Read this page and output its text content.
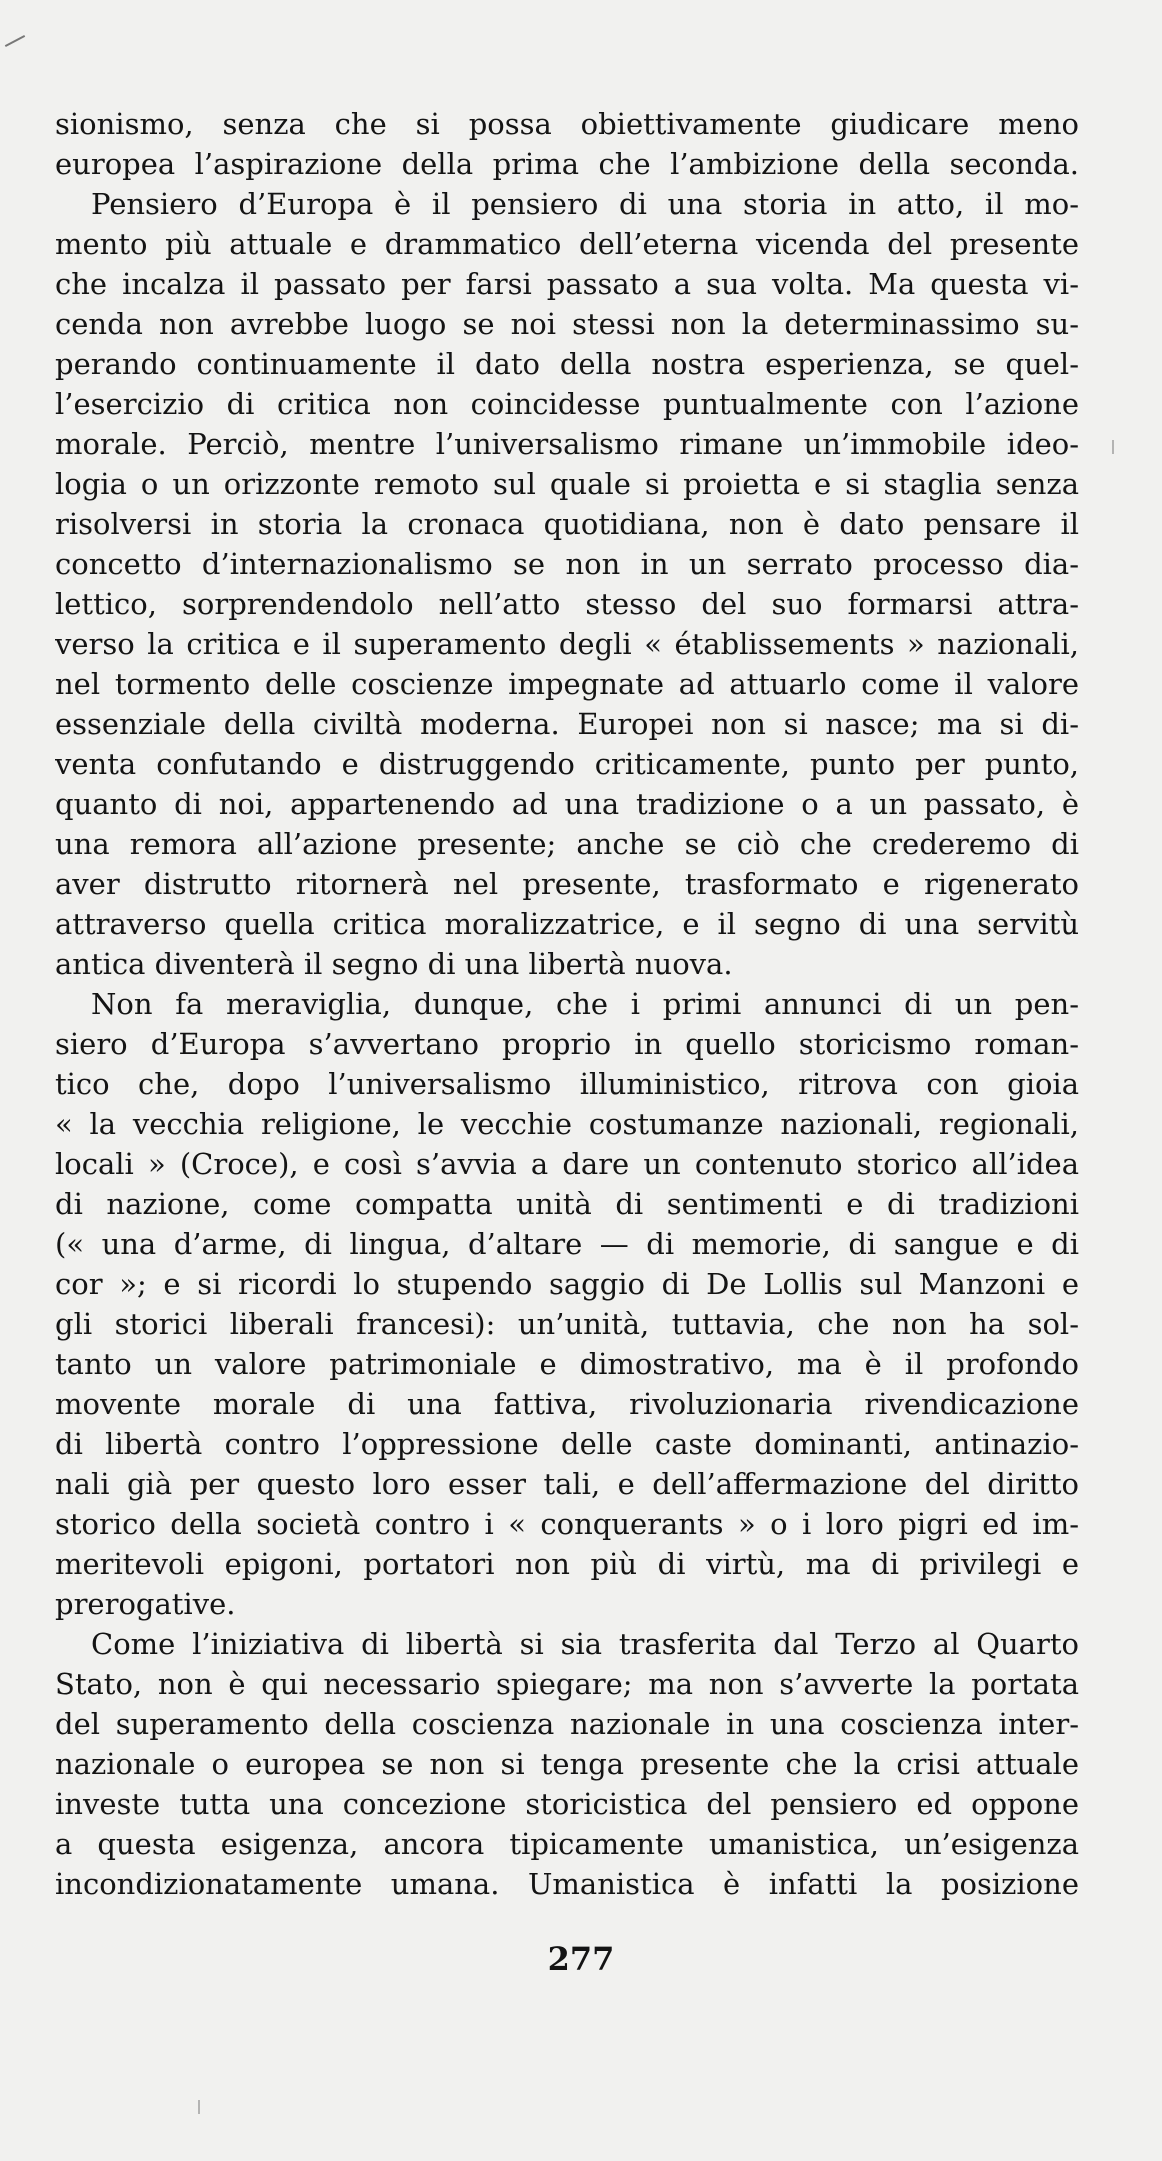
sionismo, senza che si possa obiettivamente giudicare meno
europea l’aspirazione della prima che l’ambizione della seconda.
Pensiero d’Europa è il pensiero di una storia in atto, il mo-
mento più attuale e drammatico dell’eterna vicenda del presente
che incalza il passato per farsi passato a sua volta. Ma questa vi-
cenda non avrebbe luogo se noi stessi non la determinassimo su-
perando continuamente il dato della nostra esperienza, se quel-
l’esercizio di critica non coincidesse puntualmente con l’azione
morale. Perciò, mentre l’universalismo rimane un’immobile ideo-
logia o un orizzonte remoto sul quale si proietta e si staglia senza
risolversi in storia la cronaca quotidiana, non è dato pensare il
concetto d’internazionalismo se non in un serrato processo dia-
lettico, sorprendendolo nell’atto stesso del suo formarsi attra-
verso la critica e il superamento degli « établissements » nazionali,
nel tormento delle coscienze impegnate ad attuarlo come il valore
essenziale della civiltà moderna. Europei non si nasce; ma si di-
venta confutando e distruggendo criticamente, punto per punto,
quanto di noi, appartenendo ad una tradizione o a un passato, è
una remora all’azione presente; anche se ciò che crederemo di
aver distrutto ritornerà nel presente, trasformato e rigenerato
attraverso quella critica moralizzatrice, e il segno di una servitù
antica diventerà il segno di una libertà nuova.
Non fa meraviglia, dunque, che i primi annunci di un pen-
siero d’Europa s’avvertano proprio in quello storicismo roman-
tico che, dopo l’universalismo illuministico, ritrova con gioia
« la vecchia religione, le vecchie costumanze nazionali, regionali,
locali » (Croce), e così s’avvia a dare un contenuto storico all’idea
di nazione, come compatta unità di sentimenti e di tradizioni
(« una d’arme, di lingua, d’altare — di memorie, di sangue e di
cor »; e si ricordi lo stupendo saggio di De Lollis sul Manzoni e
gli storici liberali francesi): un’unità, tuttavia, che non ha sol-
tanto un valore patrimoniale e dimostrativo, ma è il profondo
movente morale di una fattiva, rivoluzionaria rivendicazione
di libertà contro l’oppressione delle caste dominanti, antinazio-
nali già per questo loro esser tali, e dell’affermazione del diritto
storico della società contro i « conquerants » o i loro pigri ed im-
meritevoli epigoni, portatori non più di virtù, ma di privilegi e
prerogative.
Come l’iniziativa di libertà si sia trasferita dal Terzo al Quarto
Stato, non è qui necessario spiegare; ma non s’avverte la portata
del superamento della coscienza nazionale in una coscienza inter-
nazionale o europea se non si tenga presente che la crisi attuale
investe tutta una concezione storicistica del pensiero ed oppone
a questa esigenza, ancora tipicamente umanistica, un’esigenza
incondizionatamente umana. Umanistica è infatti la posizione
277
